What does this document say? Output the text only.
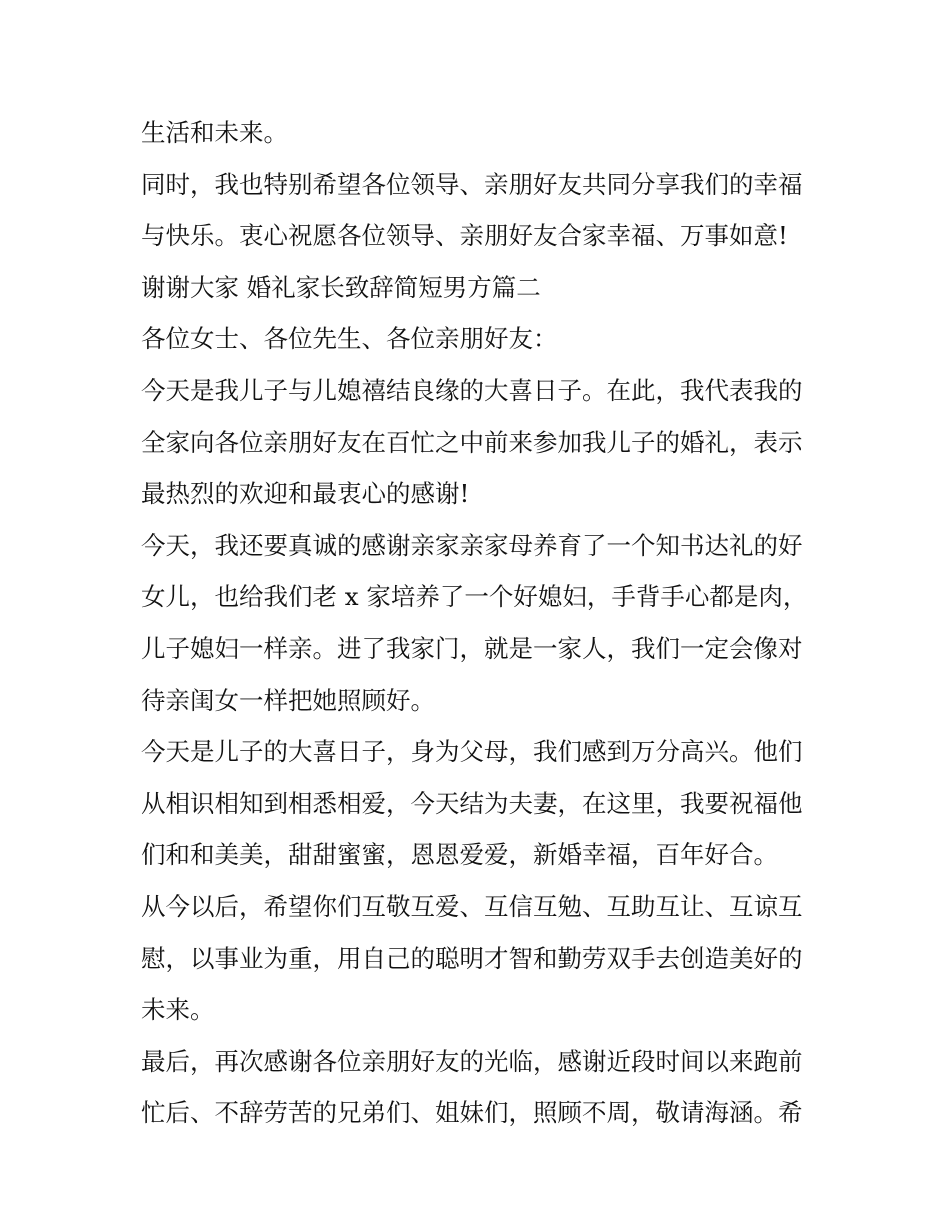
生活和未来。
同时，我也特别希望各位领导、亲朋好友共同分享我们的幸福
与快乐。衷心祝愿各位领导、亲朋好友合家幸福、万事如意!
谢谢大家 婚礼家长致辞简短男方篇二
各位女士、各位先生、各位亲朋好友：
今天是我儿子与儿媳禧结良缘的大喜日子。在此，我代表我的
全家向各位亲朋好友在百忙之中前来参加我儿子的婚礼，表示
最热烈的欢迎和最衷心的感谢!
今天，我还要真诚的感谢亲家亲家母养育了一个知书达礼的好
女儿，也给我们老 x 家培养了一个好媳妇，手背手心都是肉，
儿子媳妇一样亲。进了我家门，就是一家人，我们一定会像对
待亲闺女一样把她照顾好。
今天是儿子的大喜日子，身为父母，我们感到万分高兴。他们
从相识相知到相悉相爱，今天结为夫妻，在这里，我要祝福他
们和和美美，甜甜蜜蜜，恩恩爱爱，新婚幸福，百年好合。
从今以后，希望你们互敬互爱、互信互勉、互助互让、互谅互
慰，以事业为重，用自己的聪明才智和勤劳双手去创造美好的
未来。
最后，再次感谢各位亲朋好友的光临，感谢近段时间以来跑前
忙后、不辞劳苦的兄弟们、姐妹们，照顾不周，敬请海涵。希
